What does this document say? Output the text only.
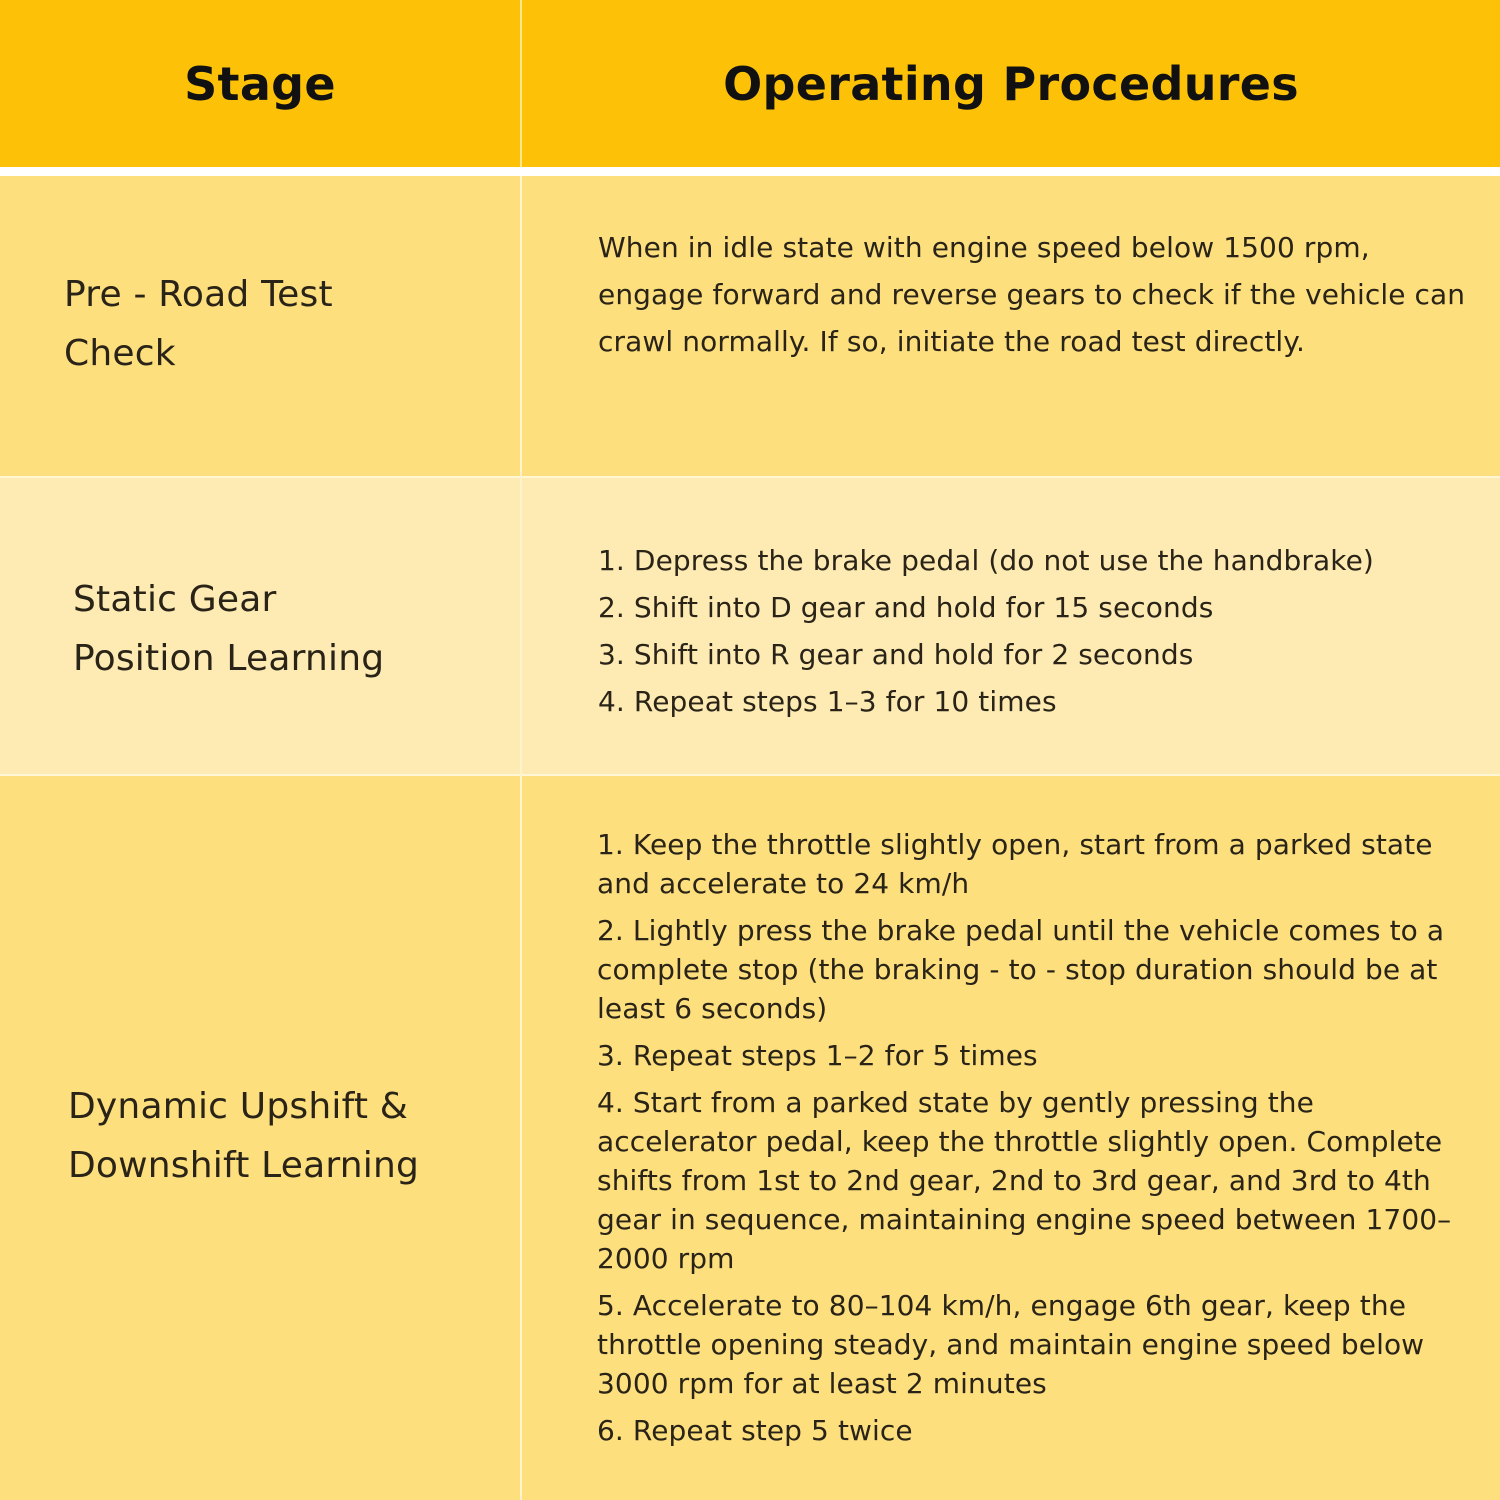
Stage	Operating Procedures
Pre - Road Test
Check
When in idle state with engine speed below 1500 rpm, engage forward and reverse gears to check if the vehicle can crawl normally. If so, initiate the road test directly.
Static Gear
Position Learning
1. Depress the brake pedal (do not use the handbrake)
2. Shift into D gear and hold for 15 seconds
3. Shift into R gear and hold for 2 seconds
4. Repeat steps 1–3 for 10 times
Dynamic Upshift &
Downshift Learning
1. Keep the throttle slightly open, start from a parked state and accelerate to 24 km/h
2. Lightly press the brake pedal until the vehicle comes to a complete stop (the braking - to - stop duration should be at least 6 seconds)
3. Repeat steps 1–2 for 5 times
4. Start from a parked state by gently pressing the accelerator pedal, keep the throttle slightly open. Complete shifts from 1st to 2nd gear, 2nd to 3rd gear, and 3rd to 4th gear in sequence, maintaining engine speed between 1700–2000 rpm
5. Accelerate to 80–104 km/h, engage 6th gear, keep the throttle opening steady, and maintain engine speed below 3000 rpm for at least 2 minutes
6. Repeat step 5 twice
